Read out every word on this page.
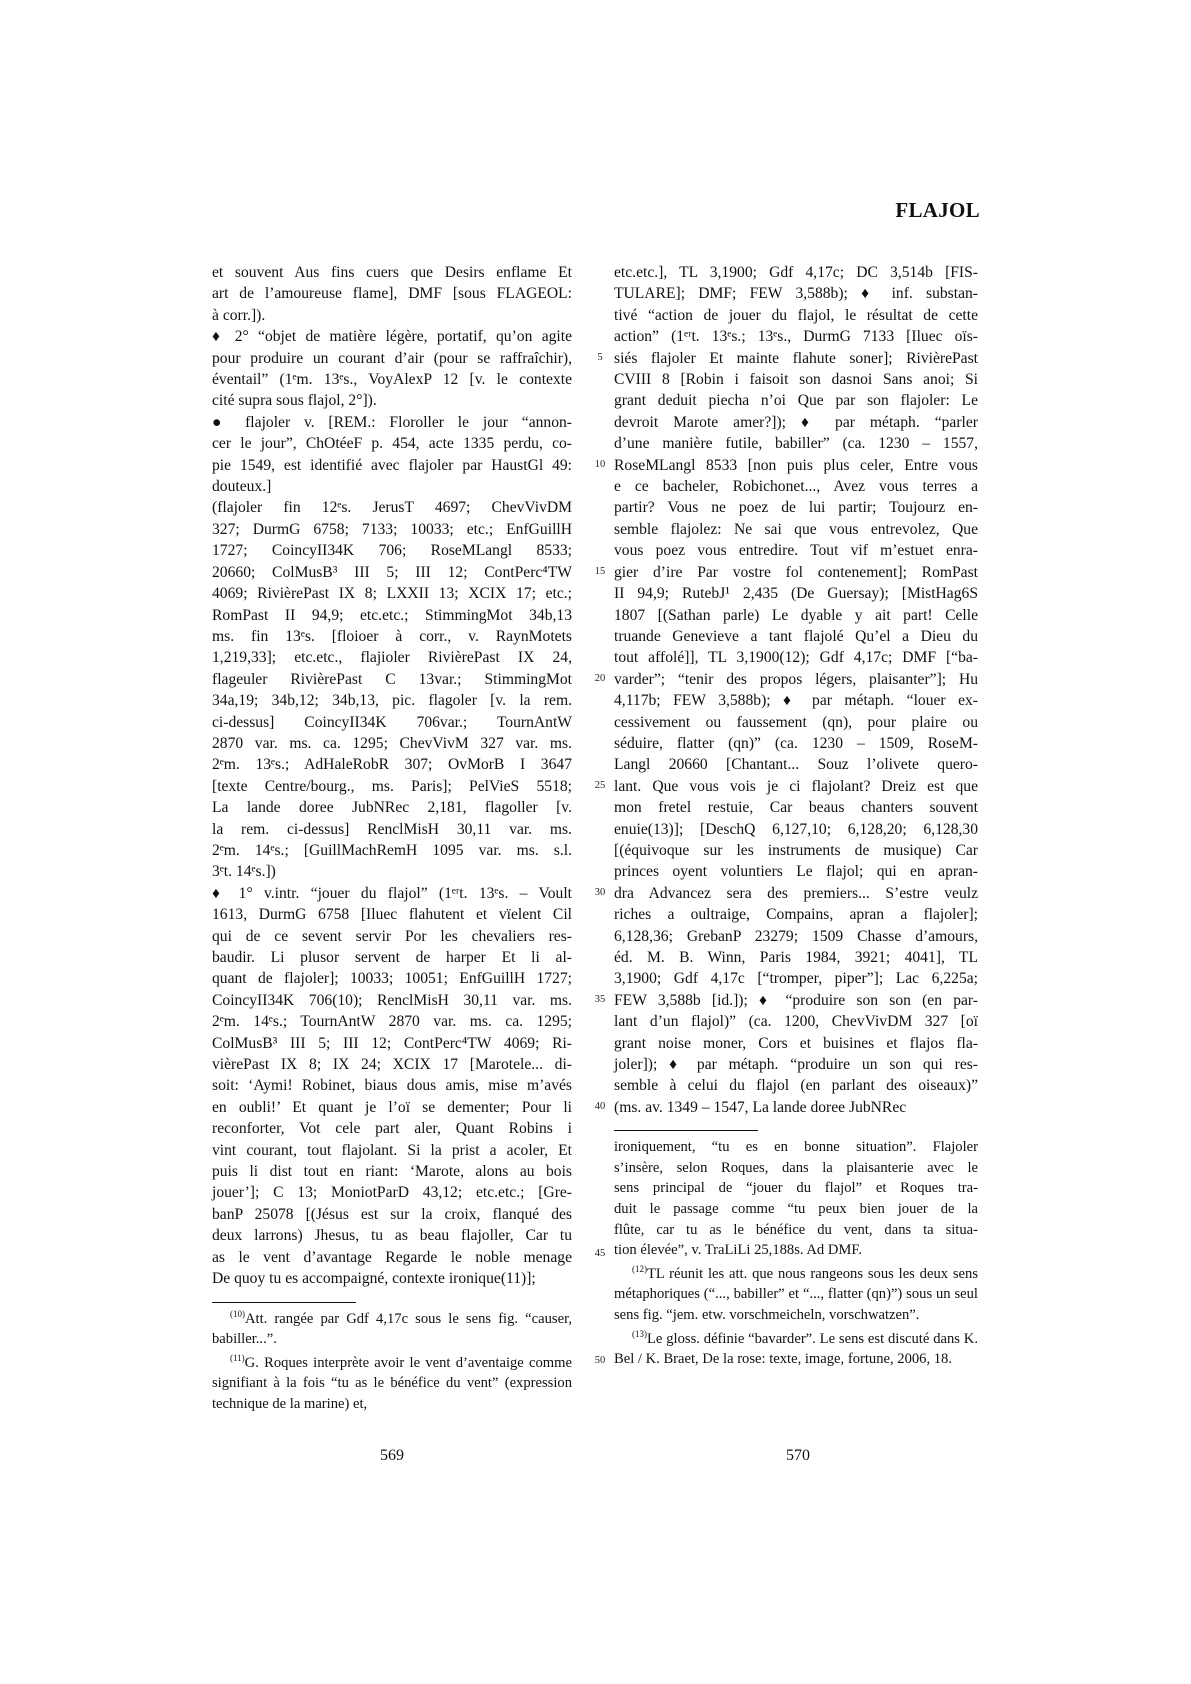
FLAJOL
et souvent Aus fins cuers que Desirs enflame Et
art de l’amoureuse flame], DMF [sous FLAGEOL:
à corr.]).
♦ 2° “objet de matière légère, portatif, qu’on agite
pour produire un courant d’air (pour se raffraîchir),
éventail” (1ᵉm. 13ᵉs., VoyAlexP 12 [v. le contexte
cité supra sous flajol, 2°]).
● flajoler v. [REM.: Floroller le jour “annon-
cer le jour”, ChOtéeF p. 454, acte 1335 perdu, co-
pie 1549, est identifié avec flajoler par HaustGl 49:
douteux.]
(flajoler fin 12ᵉs. JerusT 4697; ChevVivDM
327; DurmG 6758; 7133; 10033; etc.; EnfGuillH
1727; CoincyII34K 706; RoseMLangl 8533;
20660; ColMusB³ III 5; III 12; ContPerc⁴TW
4069; RivièrePast IX 8; LXXII 13; XCIX 17; etc.;
RomPast II 94,9; etc.etc.; StimmingMot 34b,13
ms. fin 13ᵉs. [floioer à corr., v. RaynMotets
1,219,33]; etc.etc., flajioler RivièrePast IX 24,
flageuler RivièrePast C 13var.; StimmingMot
34a,19; 34b,12; 34b,13, pic. flagoler [v. la rem.
ci-dessus] CoincyII34K 706var.; TournAntW
2870 var. ms. ca. 1295; ChevVivM 327 var. ms.
2ᵉm. 13ᵉs.; AdHaleRobR 307; OvMorB I 3647
[texte Centre/bourg., ms. Paris]; PelVieS 5518;
La lande doree JubNRec 2,181, flagoller [v.
la rem. ci-dessus] RenclMisH 30,11 var. ms.
2ᵉm. 14ᵉs.; [GuillMachRemH 1095 var. ms. s.l.
3ᵉt. 14ᵉs.])
♦ 1° v.intr. “jouer du flajol” (1ᵉʳt. 13ᵉs. – Voult
1613, DurmG 6758 [Iluec flahutent et vïelent Cil
qui de ce sevent servir Por les chevaliers res-
baudir. Li plusor servent de harper Et li al-
quant de flajoler]; 10033; 10051; EnfGuillH 1727;
CoincyII34K 706(10); RenclMisH 30,11 var. ms.
2ᵉm. 14ᵉs.; TournAntW 2870 var. ms. ca. 1295;
ColMusB³ III 5; III 12; ContPerc⁴TW 4069; Ri-
vièrePast IX 8; IX 24; XCIX 17 [Marotele... di-
soit: ‘Aymi! Robinet, biaus dous amis, mise m’avés
en oubli!’ Et quant je l’oï se dementer; Pour li
reconforter, Vot cele part aler, Quant Robins i
vint courant, tout flajolant. Si la prist a acoler, Et
puis li dist tout en riant: ‘Marote, alons au bois
jouer’]; C 13; MoniotParD 43,12; etc.etc.; [Gre-
banP 25078 [(Jésus est sur la croix, flanqué des
deux larrons) Jhesus, tu as beau flajoller, Car tu
as le vent d’avantage Regarde le noble menage
De quoy tu es accompaigné, contexte ironique(11)];
$^{(10)}$Att. rangée par Gdf 4,17c sous le sens fig. “causer, babiller...”.
$^{(11)}$G. Roques interprète avoir le vent d’aventaige comme signifiant à la fois “tu as le bénéfice du vent” (expression technique de la marine) et,
etc.etc.], TL 3,1900; Gdf 4,17c; DC 3,514b [FIS-
TULARE]; DMF; FEW 3,588b); ♦ inf. substan-
tivé “action de jouer du flajol, le résultat de cette
action” (1ᵉʳt. 13ᵉs.; 13ᵉs., DurmG 7133 [Iluec oïs-
siés flajoler Et mainte flahute soner]; RivièrePast
CVIII 8 [Robin i faisoit son dasnoi Sans anoi; Si
grant deduit piecha n’oi Que par son flajoler: Le
devroit Marote amer?]); ♦ par métaph. “parler
d’une manière futile, babiller” (ca. 1230 – 1557,
RoseMLangl 8533 [non puis plus celer, Entre vous
e ce bacheler, Robichonet..., Avez vous terres a
partir? Vous ne poez de lui partir; Toujourz en-
semble flajolez: Ne sai que vous entrevolez, Que
vous poez vous entredire. Tout vif m’estuet enra-
gier d’ire Par vostre fol contenement]; RomPast
II 94,9; RutebJ¹ 2,435 (De Guersay); [MistHag6S
1807 [(Sathan parle) Le dyable y ait part! Celle
truande Genevieve a tant flajolé Qu’el a Dieu du
tout affolé]], TL 3,1900(12); Gdf 4,17c; DMF [“ba-
varder”; “tenir des propos légers, plaisanter”]; Hu
4,117b; FEW 3,588b); ♦ par métaph. “louer ex-
cessivement ou faussement (qn), pour plaire ou
séduire, flatter (qn)” (ca. 1230 – 1509, RoseM-
Langl 20660 [Chantant... Souz l’olivete quero-
lant. Que vous vois je ci flajolant? Dreiz est que
mon fretel restuie, Car beaus chanters souvent
enuie(13)]; [DeschQ 6,127,10; 6,128,20; 6,128,30
[(équivoque sur les instruments de musique) Car
princes oyent voluntiers Le flajol; qui en apran-
dra Advancez sera des premiers... S’estre veulz
riches a oultraige, Compains, apran a flajoler];
6,128,36; GrebanP 23279; 1509 Chasse d’amours,
éd. M. B. Winn, Paris 1984, 3921; 4041], TL
3,1900; Gdf 4,17c [“tromper, piper”]; Lac 6,225a;
FEW 3,588b [id.]); ♦ “produire son son (en par-
lant d’un flajol)” (ca. 1200, ChevVivDM 327 [oï
grant noise moner, Cors et buisines et flajos fla-
joler]); ♦ par métaph. “produire un son qui res-
semble à celui du flajol (en parlant des oiseaux)”
(ms. av. 1349 – 1547, La lande doree JubNRec
ironiquement, “tu es en bonne situation”. Flajoler
s’insère, selon Roques, dans la plaisanterie avec le
sens principal de “jouer du flajol” et Roques tra-
duit le passage comme “tu peux bien jouer de la
flûte, car tu as le bénéfice du vent, dans ta situa-
tion élevée”, v. TraLiLi 25,188s. Ad DMF.
$^{(12)}$TL réunit les att. que nous rangeons sous les deux sens métaphoriques (“..., babiller” et “..., flatter (qn)”) sous un seul sens fig. “jem. etw. vorschmeicheln, vorschwatzen”.
$^{(13)}$Le gloss. définie “bavarder”. Le sens est discuté dans K. Bel / K. Braet, De la rose: texte, image, fortune, 2006, 18.
5
10
15
20
25
30
35
40
45
50
569	570
